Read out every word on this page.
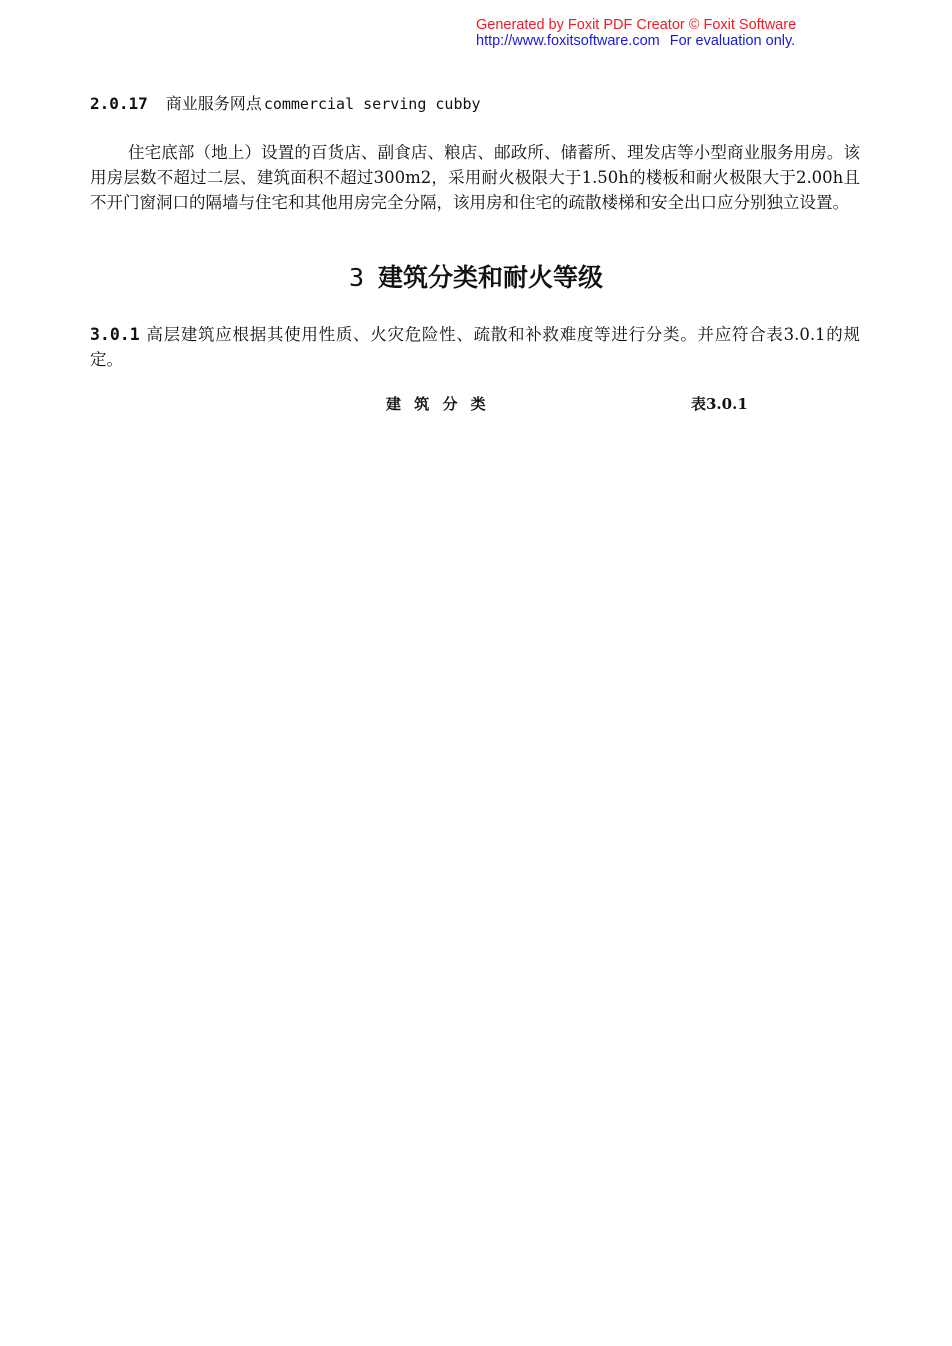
Generated by Foxit PDF Creator © Foxit Software
http://www.foxitsoftware.com For evaluation only.
2.0.17 商业服务网点 commercial serving cubby
住宅底部（地上）设置的百货店、副食店、粮店、邮政所、储蓄所、理发店等小型商业服务用房。该用房层数不超过二层、建筑面积不超过300m2，采用耐火极限大于1.50h的楼板和耐火极限大于2.00h且不开门窗洞口的隔墙与住宅和其他用房完全分隔，该用房和住宅的疏散楼梯和安全出口应分别独立设置。
3 建筑分类和耐火等级
3.0.1 高层建筑应根据其使用性质、火灾危险性、疏散和补救难度等进行分类。并应符合表3.0.1的规定。
建 筑 分 类	表3.0.1
